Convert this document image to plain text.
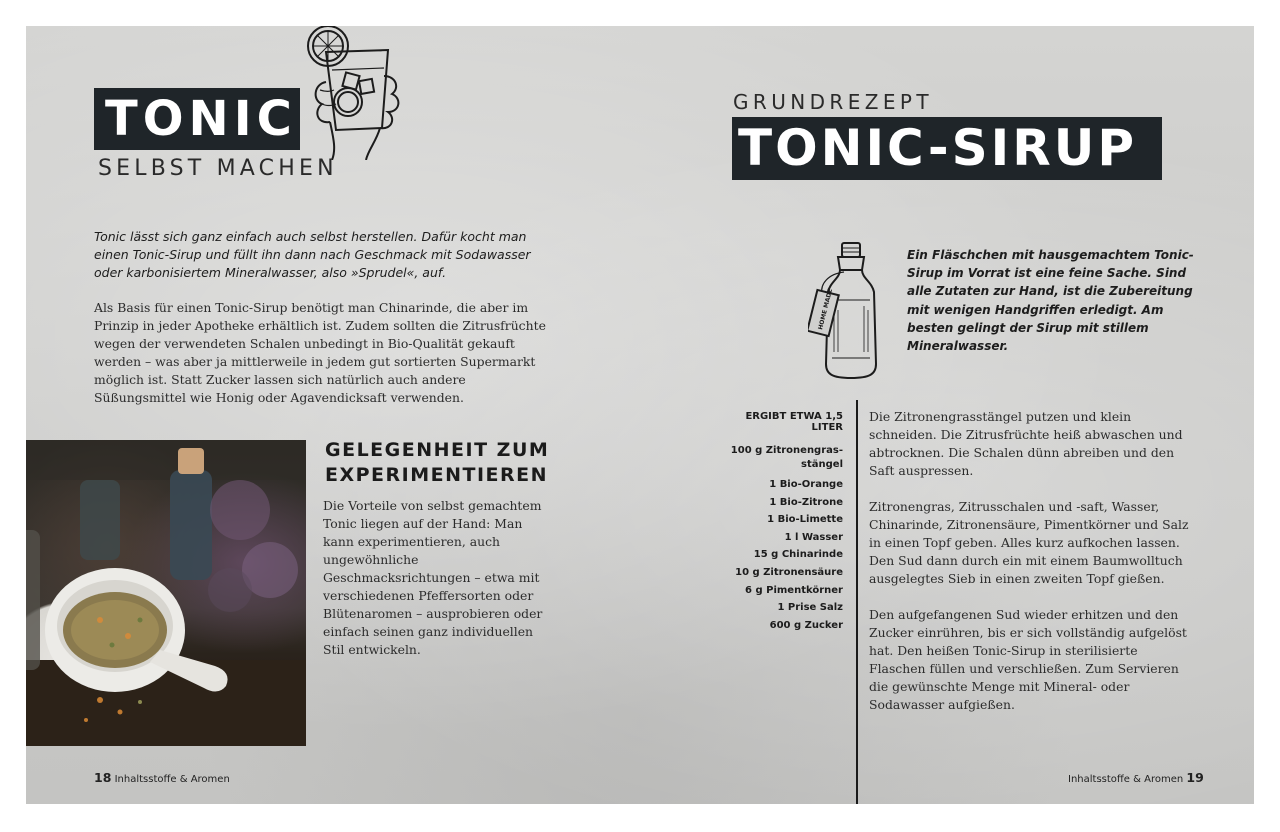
TONIC
SELBST MACHEN
Tonic lässt sich ganz einfach auch selbst herstellen. Dafür kocht man einen Tonic-Sirup und füllt ihn dann nach Geschmack mit Sodawasser oder karbonisiertem Mineralwasser, also »Sprudel«, auf.
Als Basis für einen Tonic-Sirup benötigt man Chinarinde, die aber im Prinzip in jeder Apotheke erhältlich ist. Zudem sollten die Zitrusfrüchte wegen der verwendeten Schalen unbedingt in Bio-Qualität gekauft werden – was aber ja mittlerweile in jedem gut sortierten Supermarkt möglich ist. Statt Zucker lassen sich natürlich auch andere Süßungsmittel wie Honig oder Agavendicksaft verwenden.
GELEGENHEIT ZUM
EXPERIMENTIEREN
Die Vorteile von selbst gemachtem Tonic liegen auf der Hand: Man kann experimentieren, auch ungewöhnliche Geschmacksrichtungen – etwa mit verschiedenen Pfeffersorten oder Blütenaromen – ausprobieren oder einfach seinen ganz individuellen Stil entwickeln.
18 Inhaltsstoffe & Aromen
GRUNDREZEPT
TONIC-SIRUP
HOME MADE
Ein Fläschchen mit hausgemachtem Tonic-Sirup im Vorrat ist eine feine Sache. Sind alle Zutaten zur Hand, ist die Zubereitung mit wenigen Handgriffen erledigt. Am besten gelingt der Sirup mit stillem Mineralwasser.
ERGIBT ETWA 1,5 LITER
100 g Zitronengras-
stängel
1 Bio-Orange
1 Bio-Zitrone
1 Bio-Limette
1 l Wasser
15 g Chinarinde
10 g Zitronensäure
6 g Pimentkörner
1 Prise Salz
600 g Zucker

Die Zitronengrasstängel putzen und klein schneiden. Die Zitrusfrüchte heiß abwaschen und abtrocknen. Die Schalen dünn abreiben und den Saft auspressen.

Zitronengras, Zitrusschalen und -saft, Wasser, Chinarinde, Zitronensäure, Pimentkörner und Salz in einen Topf geben. Alles kurz aufkochen lassen. Den Sud dann durch ein mit einem Baumwolltuch ausgelegtes Sieb in einen zweiten Topf gießen.

Den aufgefangenen Sud wieder erhitzen und den Zucker einrühren, bis er sich vollständig aufgelöst hat. Den heißen Tonic-Sirup in sterilisierte Flaschen füllen und verschließen. Zum Servieren die gewünschte Menge mit Mineral- oder Sodawasser aufgießen.

Inhaltsstoffe & Aromen 19
